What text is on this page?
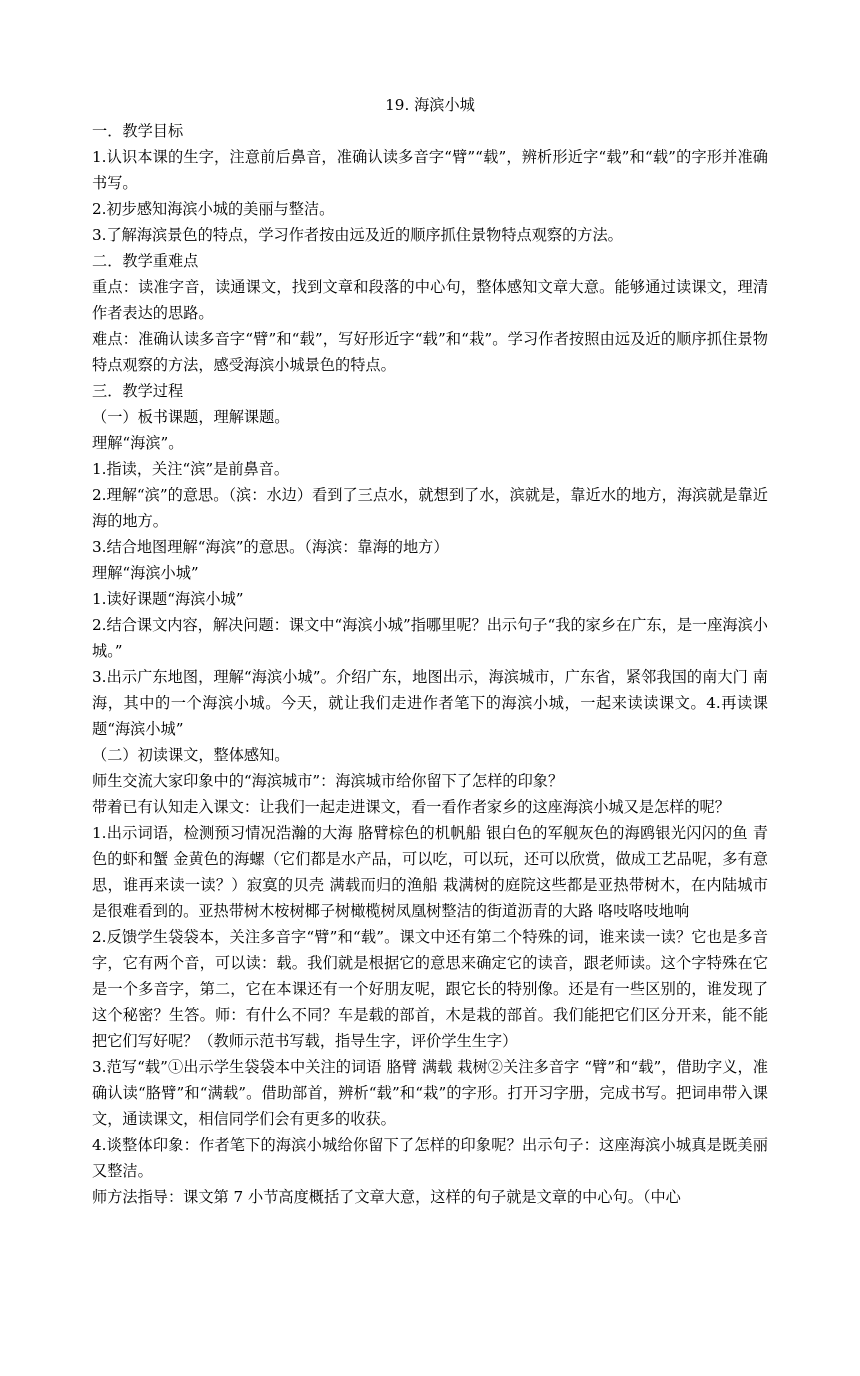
19. 海滨小城

一．教学目标

1.认识本课的生字，注意前后鼻音，准确认读多音字“臂”“载”，辨析形近字“载”和“载”的字形并准确书写。

2.初步感知海滨小城的美丽与整洁。

3.了解海滨景色的特点，学习作者按由远及近的顺序抓住景物特点观察的方法。

二．教学重难点

重点：读准字音，读通课文，找到文章和段落的中心句，整体感知文章大意。能够通过读课文，理清作者表达的思路。

难点：准确认读多音字“臂”和“载”，写好形近字“载”和“栽”。学习作者按照由远及近的顺序抓住景物特点观察的方法，感受海滨小城景色的特点。

三．教学过程

（一）板书课题，理解课题。

理解“海滨”。

1.指读，关注“滨”是前鼻音。

2.理解“滨”的意思。（滨：水边）看到了三点水，就想到了水，滨就是，靠近水的地方，海滨就是靠近海的地方。

3.结合地图理解“海滨”的意思。（海滨：靠海的地方）

理解“海滨小城”

1.读好课题“海滨小城”

2.结合课文内容，解决问题：课文中“海滨小城”指哪里呢？出示句子“我的家乡在广东，是一座海滨小城。”

3.出示广东地图，理解“海滨小城”。介绍广东，地图出示，海滨城市，广东省，紧邻我国的南大门 南海，其中的一个海滨小城。今天，就让我们走进作者笔下的海滨小城，一起来读读课文。4.再读课题“海滨小城”

（二）初读课文，整体感知。

师生交流大家印象中的“海滨城市”：海滨城市给你留下了怎样的印象？

带着已有认知走入课文：让我们一起走进课文，看一看作者家乡的这座海滨小城又是怎样的呢？

1.出示词语，检测预习情况浩瀚的大海 胳臂棕色的机帆船 银白色的军舰灰色的海鸥银光闪闪的鱼 青色的虾和蟹 金黄色的海螺（它们都是水产品，可以吃，可以玩，还可以欣赏，做成工艺品呢，多有意思，谁再来读一读？）寂寞的贝壳 满载而归的渔船 栽满树的庭院这些都是亚热带树木，在内陆城市是很难看到的。亚热带树木桉树椰子树橄榄树凤凰树整洁的街道沥青的大路 咯吱咯吱地响

2.反馈学生袋袋本，关注多音字“臂”和“载”。课文中还有第二个特殊的词，谁来读一读？它也是多音字，它有两个音，可以读：载。我们就是根据它的意思来确定它的读音，跟老师读。这个字特殊在它是一个多音字，第二，它在本课还有一个好朋友呢，跟它长的特别像。还是有一些区别的，谁发现了这个秘密？生答。师：有什么不同？车是载的部首，木是栽的部首。我们能把它们区分开来，能不能把它们写好呢？（教师示范书写载，指导生字，评价学生生字）

3.范写“载”①出示学生袋袋本中关注的词语 胳臂 满载 栽树②关注多音字 “臂”和“载”，借助字义，准确认读“胳臂”和“满载”。借助部首，辨析“载”和“栽”的字形。打开习字册，完成书写。把词串带入课文，通读课文，相信同学们会有更多的收获。

4.谈整体印象：作者笔下的海滨小城给你留下了怎样的印象呢？出示句子：这座海滨小城真是既美丽又整洁。

师方法指导：课文第 7 小节高度概括了文章大意，这样的句子就是文章的中心句。（中心
